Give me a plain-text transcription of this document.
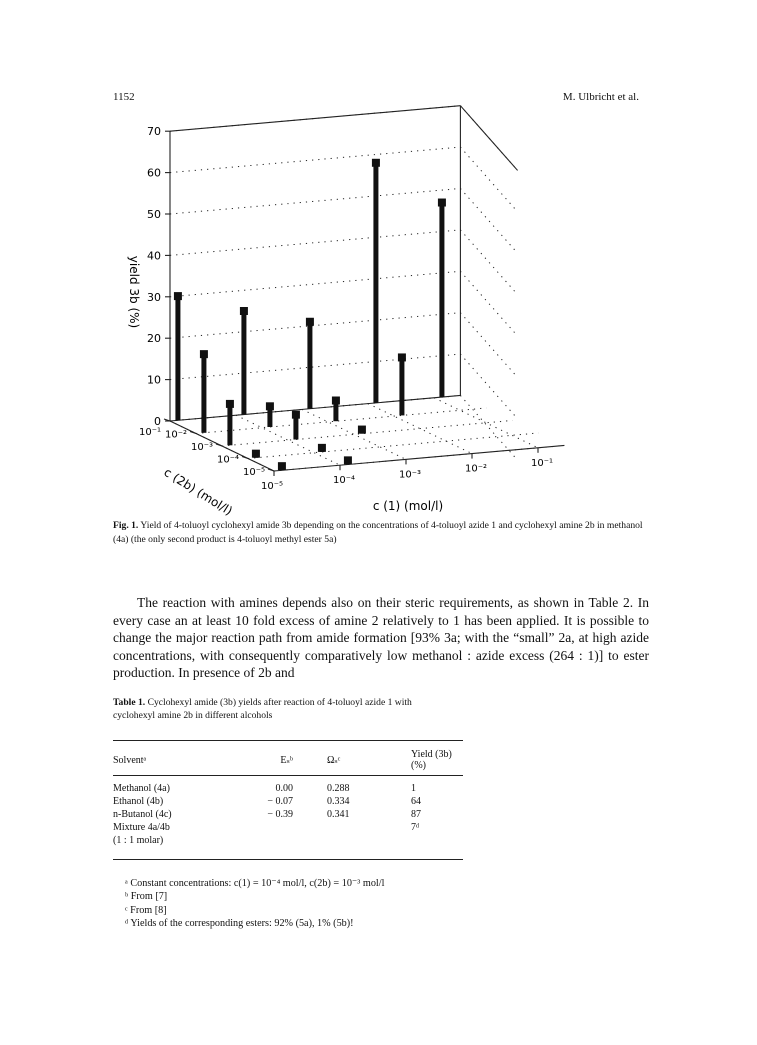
1152	M. Ulbricht et al.
0
10
20
30
40
50
60
70
10⁻⁵
10⁻⁴
10⁻³
10⁻²
10⁻¹
10⁻¹ 10⁻²
10⁻³
10⁻⁴
10⁻⁵
yield 3b (%)
c (1) (mol/l)
c (2b) (mol/l)
Fig. 1. Yield of 4-toluoyl cyclohexyl amide 3b depending on the concentrations of 4-toluoyl azide 1 and cyclohexyl amine 2b in methanol (4a) (the only second product is 4-toluoyl methyl ester 5a)
The reaction with amines depends also on their steric requirements, as shown in Table 2. In every case an at least 10 fold excess of amine 2 relatively to 1 has been applied. It is possible to change the major reaction path from amide formation [93% 3a; with the “small” 2a, at high azide concentrations, with consequently comparatively low methanol : azide excess (264 : 1)] to ester production. In presence of 2b and
Table 1. Cyclohexyl amide (3b) yields after reaction of 4-toluoyl azide 1 with cyclohexyl amine 2b in different alcohols
Solventᵃ	Eₛᵇ	Ωₛᶜ	Yield (3b) (%)
Methanol (4a)	0.00	0.288	1
Ethanol (4b)	− 0.07	0.334	64
n-Butanol (4c)	− 0.39	0.341	87
Mixture 4a/4b			7ᵈ
(1 : 1 molar)			
ᵃ Constant concentrations: c(1) = 10⁻⁴ mol/l, c(2b) = 10⁻³ mol/l
ᵇ From [7]
ᶜ From [8]
ᵈ Yields of the corresponding esters: 92% (5a), 1% (5b)!
